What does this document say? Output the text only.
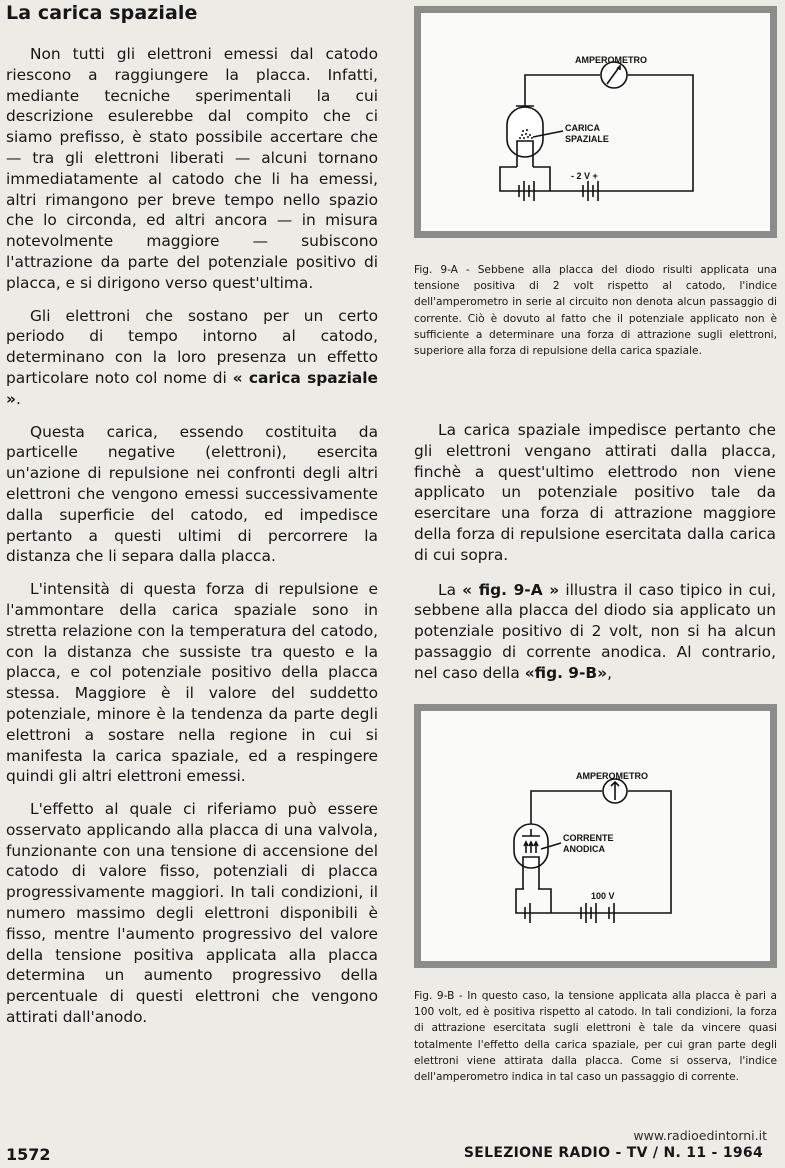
La carica spaziale

Non tutti gli elettroni emessi dal catodo riescono a raggiungere la placca. Infatti, mediante tecniche sperimentali la cui descrizione esulerebbe dal compito che ci siamo prefisso, è stato possibile accertare che — tra gli elettroni liberati — alcuni tornano immediatamente al catodo che li ha emessi, altri rimangono per breve tempo nello spazio che lo circonda, ed altri ancora — in misura notevolmente maggiore — subiscono l'attrazione da parte del potenziale positivo di placca, e si dirigono verso quest'ultima.

Gli elettroni che sostano per un certo periodo di tempo intorno al catodo, determinano con la loro presenza un effetto particolare noto col nome di « carica spaziale ».

Questa carica, essendo costituita da particelle negative (elettroni), esercita un'azione di repulsione nei confronti degli altri elettroni che vengono emessi successivamente dalla superficie del catodo, ed impedisce pertanto a questi ultimi di percorrere la distanza che li separa dalla placca.

L'intensità di questa forza di repulsione e l'ammontare della carica spaziale sono in stretta relazione con la temperatura del catodo, con la distanza che sussiste tra questo e la placca, e col potenziale positivo della placca stessa. Maggiore è il valore del suddetto potenziale, minore è la tendenza da parte degli elettroni a sostare nella regione in cui si manifesta la carica spaziale, ed a respingere quindi gli altri elettroni emessi.

L'effetto al quale ci riferiamo può essere osservato applicando alla placca di una valvola, funzionante con una tensione di accensione del catodo di valore fisso, potenziali di placca progressivamente maggiori. In tali condizioni, il numero massimo degli elettroni disponibili è fisso, mentre l'aumento progressivo del valore della tensione positiva applicata alla placca determina un aumento progressivo della percentuale di questi elettroni che vengono attirati dall'anodo.

AMPEROMETRO
CARICA
SPAZIALE
- 2 V +

Fig. 9-A - Sebbene alla placca del diodo risulti applicata una tensione positiva di 2 volt rispetto al catodo, l'indice dell'amperometro in serie al circuito non denota alcun passaggio di corrente. Ciò è dovuto al fatto che il potenziale applicato non è sufficiente a determinare una forza di attrazione sugli elettroni, superiore alla forza di repulsione della carica spaziale.

La carica spaziale impedisce pertanto che gli elettroni vengano attirati dalla placca, finchè a quest'ultimo elettrodo non viene applicato un potenziale positivo tale da esercitare una forza di attrazione maggiore della forza di repulsione esercitata dalla carica di cui sopra.

La « fig. 9-A » illustra il caso tipico in cui, sebbene alla placca del diodo sia applicato un potenziale positivo di 2 volt, non si ha alcun passaggio di corrente anodica. Al contrario, nel caso della «fig. 9-B»,

AMPEROMETRO
CORRENTE
ANODICA
100 V

Fig. 9-B - In questo caso, la tensione applicata alla placca è pari a 100 volt, ed è positiva rispetto al catodo. In tali condizioni, la forza di attrazione esercitata sugli elettroni è tale da vincere quasi totalmente l'effetto della carica spaziale, per cui gran parte degli elettroni viene attirata dalla placca. Come si osserva, l'indice dell'amperometro indica in tal caso un passaggio di corrente.

www.radioedintorni.it

1572	SELEZIONE RADIO - TV / N. 11 - 1964
